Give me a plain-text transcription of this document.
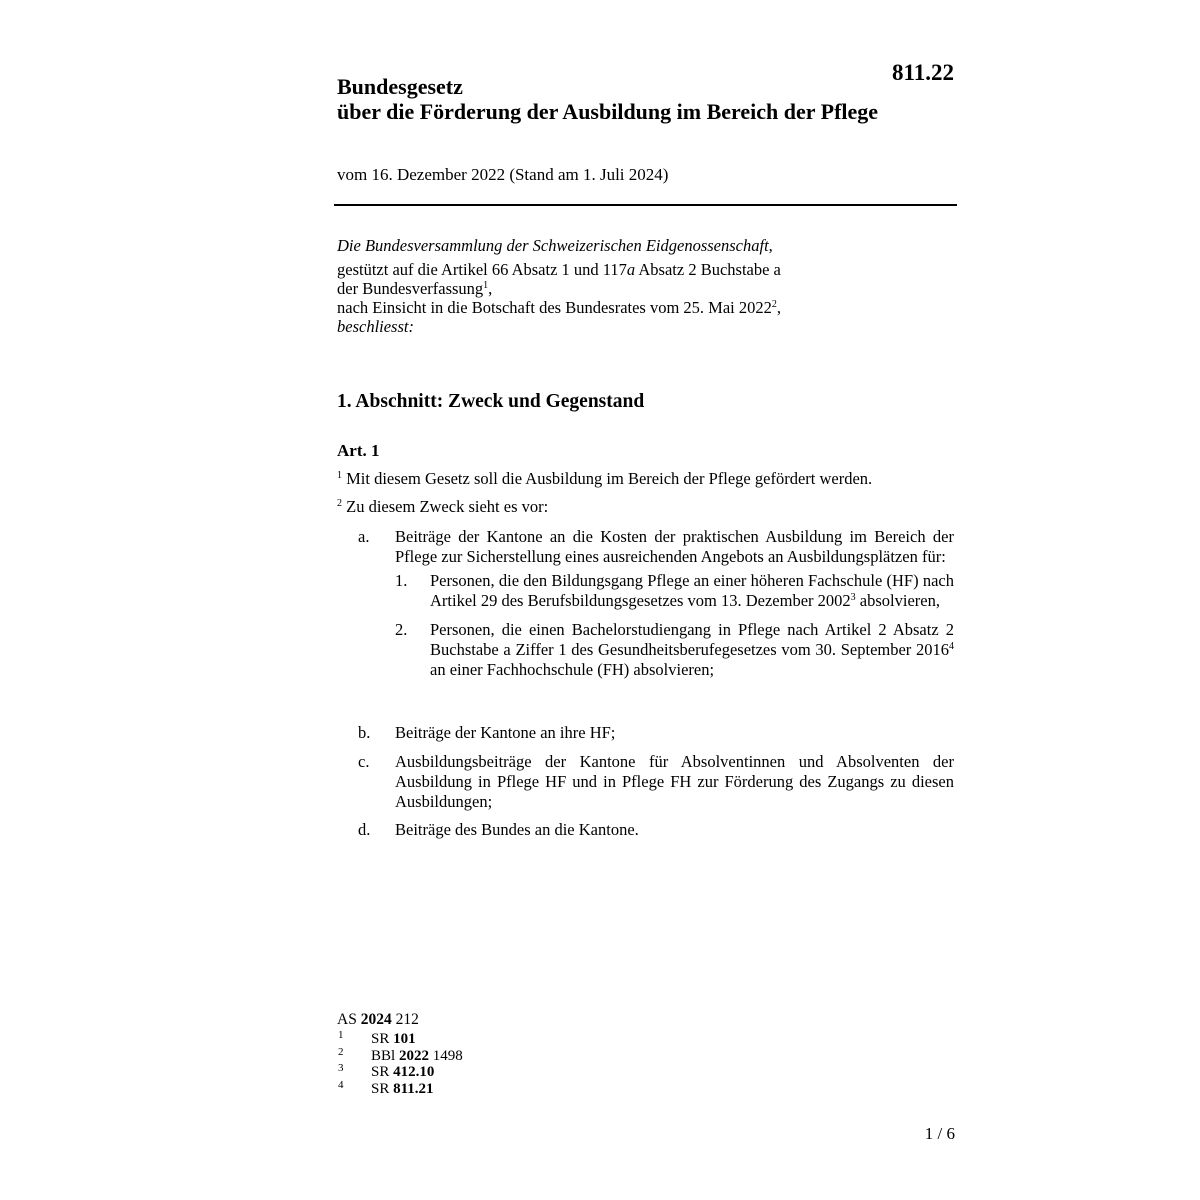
811.22
Bundesgesetz
über die Förderung der Ausbildung im Bereich der Pflege
vom 16. Dezember 2022 (Stand am 1. Juli 2024)
Die Bundesversammlung der Schweizerischen Eidgenossenschaft,
gestützt auf die Artikel 66 Absatz 1 und 117a Absatz 2 Buchstabe a
der Bundesverfassung$^1$,
nach Einsicht in die Botschaft des Bundesrates vom 25. Mai 2022$^2$,
beschliesst:
1. Abschnitt: Zweck und Gegenstand
Art. 1
$^1$ Mit diesem Gesetz soll die Ausbildung im Bereich der Pflege gefördert werden.
$^2$ Zu diesem Zweck sieht es vor:
a. Beiträge der Kantone an die Kosten der praktischen Ausbildung im Bereich der Pflege zur Sicherstellung eines ausreichenden Angebots an Ausbildungsplätzen für:
1. Personen, die den Bildungsgang Pflege an einer höheren Fachschule (HF) nach Artikel 29 des Berufsbildungsgesetzes vom 13. Dezember 2002$^3$ absolvieren,
2. Personen, die einen Bachelorstudiengang in Pflege nach Artikel 2 Absatz 2 Buchstabe a Ziffer 1 des Gesundheitsberufegesetzes vom 30. September 2016$^4$ an einer Fachhochschule (FH) absolvieren;
b. Beiträge der Kantone an ihre HF;
c. Ausbildungsbeiträge der Kantone für Absolventinnen und Absolventen der Ausbildung in Pflege HF und in Pflege FH zur Förderung des Zugangs zu diesen Ausbildungen;
d. Beiträge des Bundes an die Kantone.
AS 2024 212
1 SR 101
2 BBl 2022 1498
3 SR 412.10
4 SR 811.21
1 / 6
